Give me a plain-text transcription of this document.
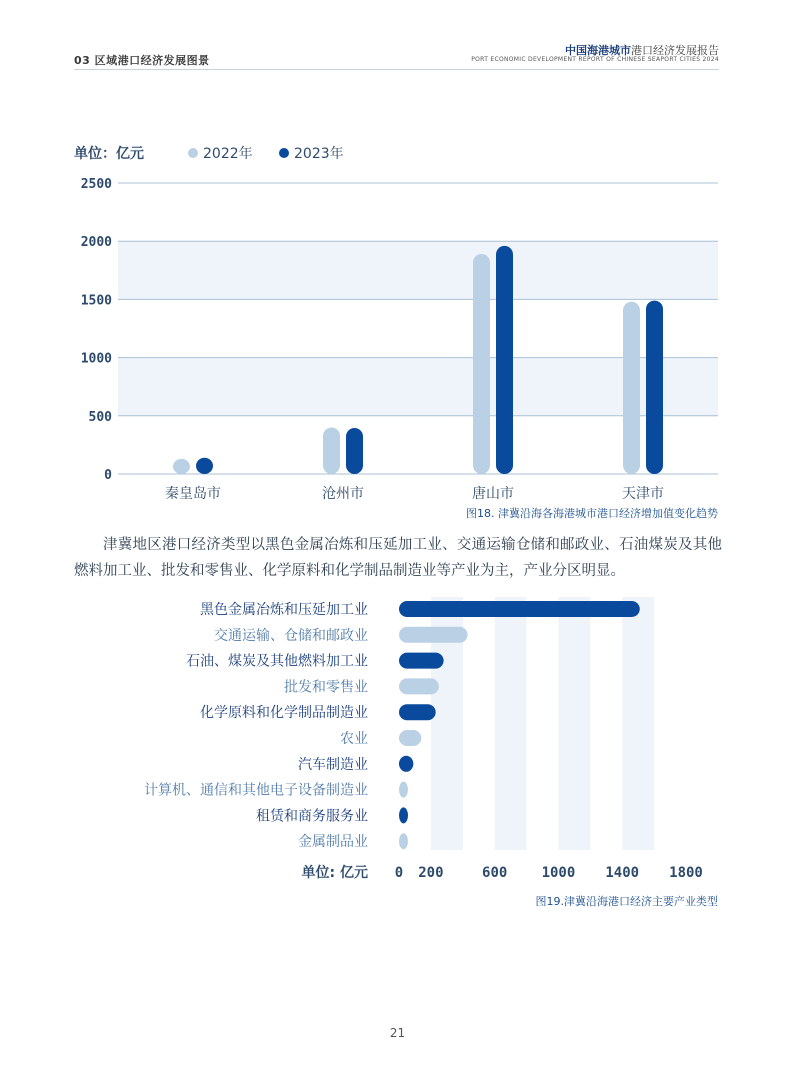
03 区域港口经济发展图景
中国海港城市港口经济发展报告
PORT ECONOMIC DEVELOPMENT REPORT OF CHINESE SEAPORT CITIES 2024
2500
2000
1500
1000
500
0
单位：亿元	2022年	2023年
秦皇岛市	沧州市	唐山市	天津市
图18. 津冀沿海各海港城市港口经济增加值变化趋势
津冀地区港口经济类型以黑色金属冶炼和压延加工业、交通运输仓储和邮政业、石油煤炭及其他燃料加工业、批发和零售业、化学原料和化学制品制造业等产业为主，产业分区明显。
黑色金属冶炼和压延加工业
交通运输、仓储和邮政业
石油、煤炭及其他燃料加工业
批发和零售业
化学原料和化学制品制造业
农业
汽车制造业
计算机、通信和其他电子设备制造业
租赁和商务服务业
金属制品业
0 200	600 1000 1400 1800
单位: 亿元
图19.津冀沿海港口经济主要产业类型
21
